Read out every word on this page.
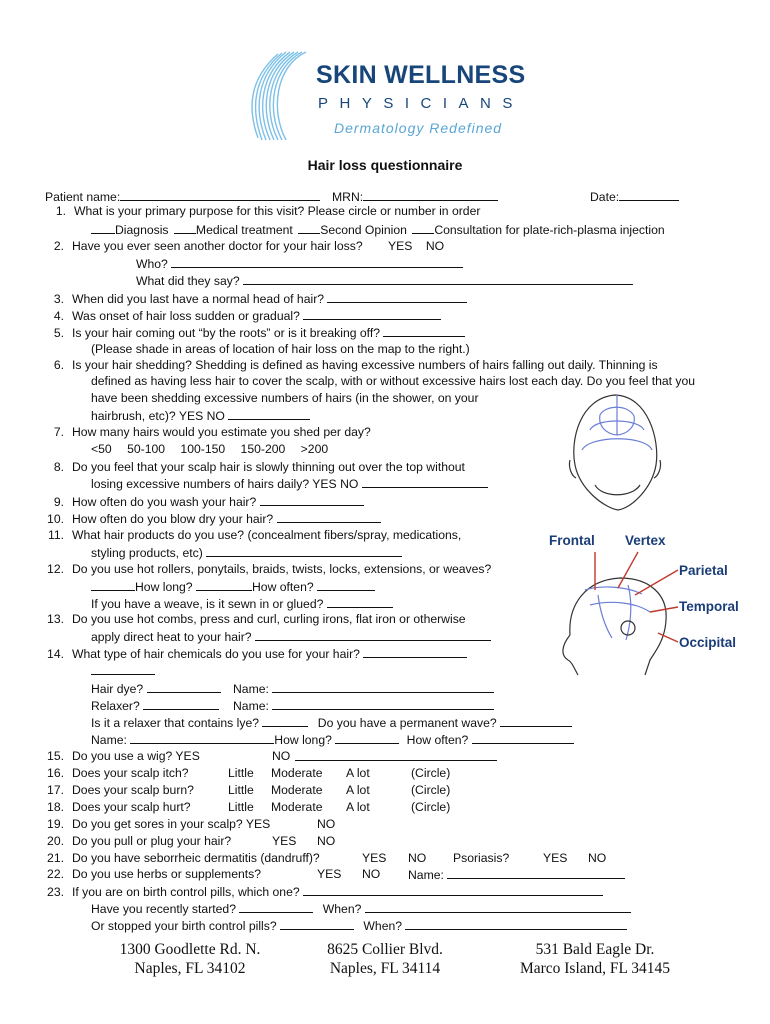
SKIN WELLNESS
PHYSICIANS
Dermatology Redefined
Hair loss questionnaire
Patient name:	MRN:	Date:
1. What is your primary purpose for this visit? Please circle or number in order
Diagnosis Medical treatment Second Opinion Consultation for plate-rich-plasma injection
2. Have you ever seen another doctor for your hair loss? YES NO
Who?
What did they say?
3. When did you last have a normal head of hair?
4. Was onset of hair loss sudden or gradual?
5. Is your hair coming out “by the roots” or is it breaking off?
(Please shade in areas of location of hair loss on the map to the right.)
6. Is your hair shedding? Shedding is defined as having excessive numbers of hairs falling out daily. Thinning is
defined as having less hair to cover the scalp, with or without excessive hairs lost each day. Do you feel that you
have been shedding excessive numbers of hairs (in the shower, on your
hairbrush, etc)? YES NO
7. How many hairs would you estimate you shed per day?
<50 50-100 100-150 150-200 >200
8. Do you feel that your scalp hair is slowly thinning out over the top without
losing excessive numbers of hairs daily? YES NO
9. How often do you wash your hair?
10. How often do you blow dry your hair?
11. What hair products do you use? (concealment fibers/spray, medications,
styling products, etc)
12. Do you use hot rollers, ponytails, braids, twists, locks, extensions, or weaves?
How long?	How often?
If you have a weave, is it sewn in or glued?
13. Do you use hot combs, press and curl, curling irons, flat iron or otherwise
apply direct heat to your hair?
14. What type of hair chemicals do you use for your hair?
Hair dye?	Name:
Relaxer?	Name:
Is it a relaxer that contains lye?	Do you have a permanent wave?
Name:	How long?	How often?
15. Do you use a wig? YES	NO
16. Does your scalp itch?
17. Does your scalp burn?
18. Does your scalp hurt?
Little Moderate A lot	(Circle)
Little Moderate A lot	(Circle)
Little Moderate A lot	(Circle)
19. Do you get sores in your scalp? YES	NO
20. Do you pull or plug your hair?	YES NO
21. Do you have seborrheic dermatitis (dandruff)?	YES NO Psoriasis?	YES NO
22. Do you use herbs or supplements?	YES NO Name:
23. If you are on birth control pills, which one?
Have you recently started?	When?
Or stopped your birth control pills?	When?
Frontal Vertex
Parietal
Temporal
Occipital
1300 Goodlette Rd. N.
Naples, FL 34102
8625 Collier Blvd.
Naples, FL 34114
531 Bald Eagle Dr.
Marco Island, FL 34145
